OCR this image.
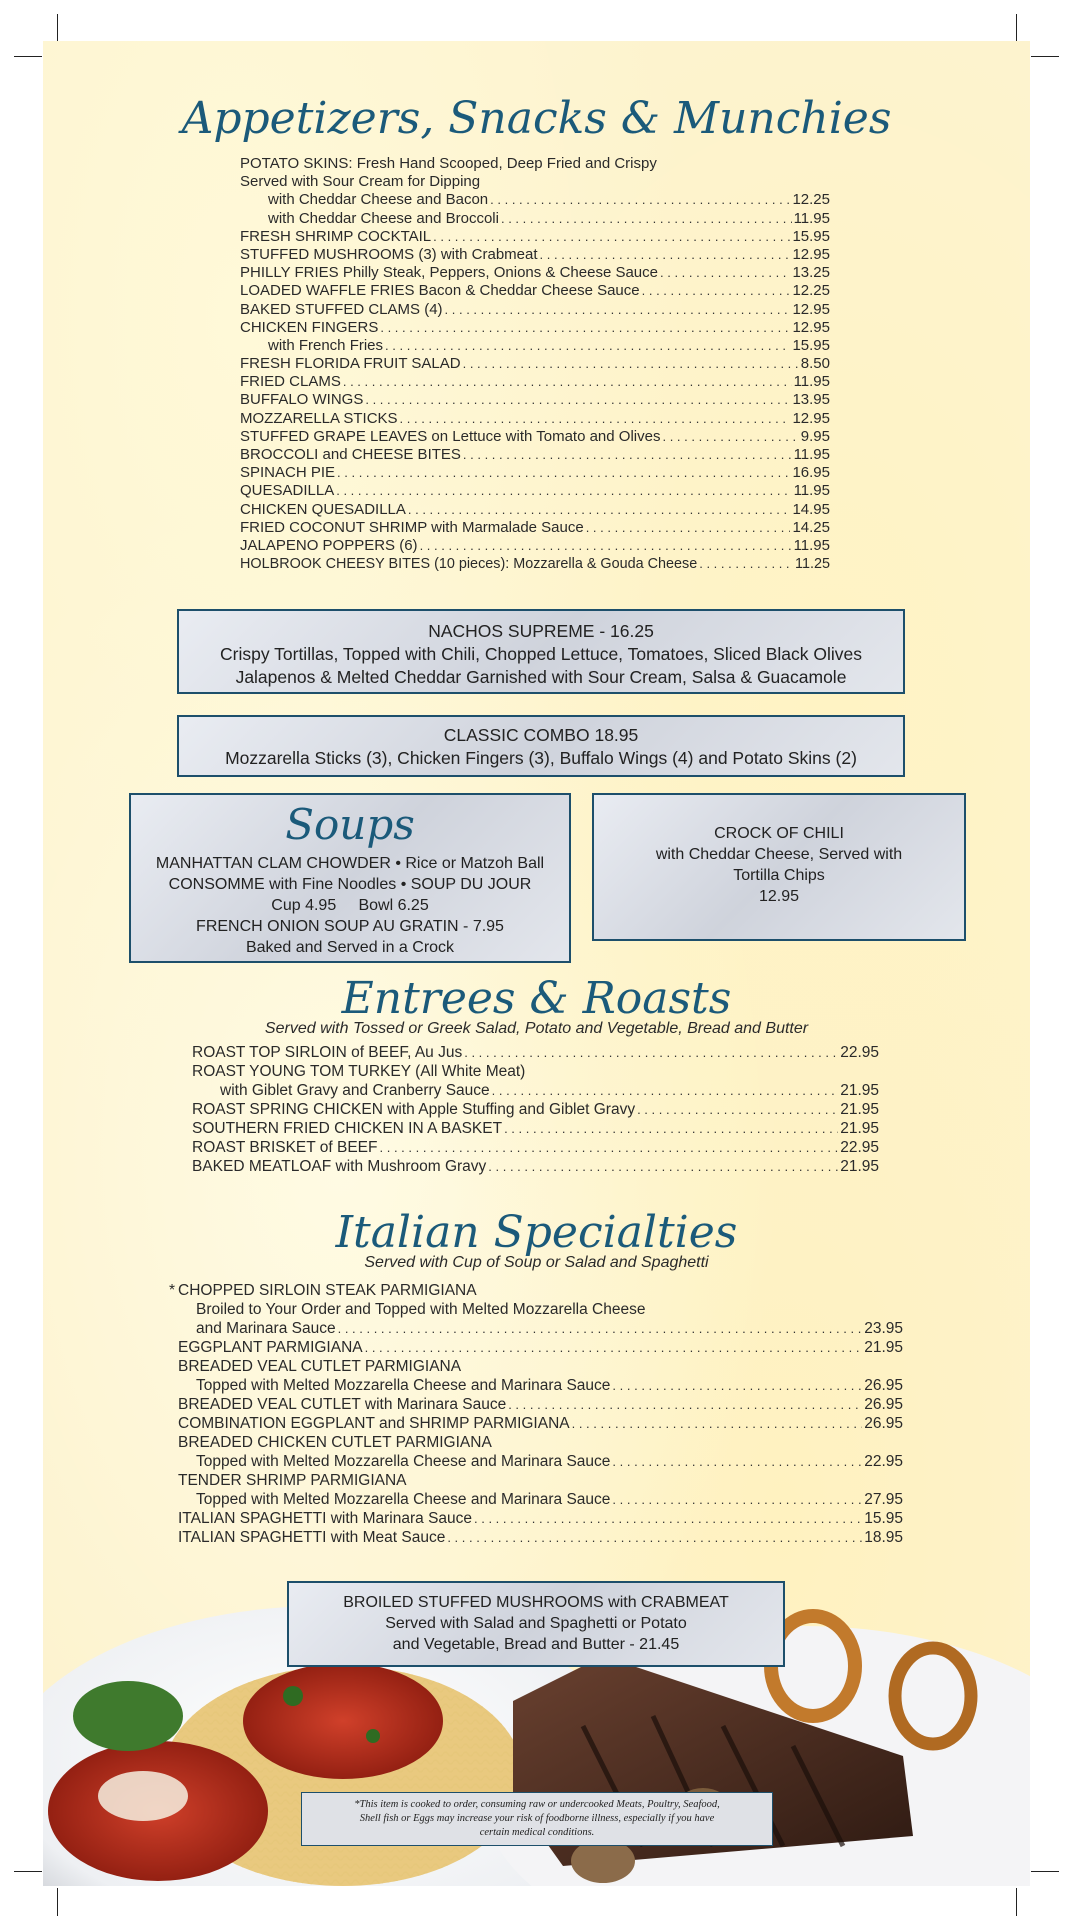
Appetizers, Snacks & Munchies
POTATO SKINS: Fresh Hand Scooped, Deep Fried and Crispy
Served with Sour Cream for Dipping
with Cheddar Cheese and Bacon . . .	12.25
with Cheddar Cheese and Broccoli . . .	11.95
FRESH SHRIMP COCKTAIL . . .	15.95
STUFFED MUSHROOMS (3) with Crabmeat . . .	12.95
PHILLY FRIES Philly Steak, Peppers, Onions & Cheese Sauce . . .	13.25
LOADED WAFFLE FRIES Bacon & Cheddar Cheese Sauce . . .	12.25
BAKED STUFFED CLAMS (4) . . .	12.95
CHICKEN FINGERS . . .	12.95
with French Fries . . .	15.95
FRESH FLORIDA FRUIT SALAD . . .	8.50
FRIED CLAMS . . .	11.95
BUFFALO WINGS . . .	13.95
MOZZARELLA STICKS . . .	12.95
STUFFED GRAPE LEAVES on Lettuce with Tomato and Olives . . .	9.95
BROCCOLI and CHEESE BITES . . .	11.95
SPINACH PIE . . .	16.95
QUESADILLA . . .	11.95
CHICKEN QUESADILLA . . .	14.95
FRIED COCONUT SHRIMP with Marmalade Sauce . . .	14.25
JALAPENO POPPERS (6) . . .	11.95
HOLBROOK CHEESY BITES (10 pieces): Mozzarella & Gouda Cheese . . .	11.25

NACHOS SUPREME - 16.25

Crispy Tortillas, Topped with Chili, Chopped Lettuce, Tomatoes, Sliced Black Olives

Jalapenos & Melted Cheddar Garnished with Sour Cream, Salsa & Guacamole

CLASSIC COMBO 18.95

Mozzarella Sticks (3), Chicken Fingers (3), Buffalo Wings (4) and Potato Skins (2)

Soups

MANHATTAN CLAM CHOWDER • Rice or Matzoh Ball

CONSOMME with Fine Noodles • SOUP DU JOUR

Cup 4.95     Bowl 6.25

FRENCH ONION SOUP AU GRATIN - 7.95

Baked and Served in a Crock

CROCK OF CHILI

with Cheddar Cheese, Served with

Tortilla Chips

12.95

Entrees & Roasts

Served with Tossed or Greek Salad, Potato and Vegetable, Bread and Butter

ROAST TOP SIRLOIN of BEEF, Au Jus . . .	22.95
ROAST YOUNG TOM TURKEY (All White Meat)
with Giblet Gravy and Cranberry Sauce . . .	21.95
ROAST SPRING CHICKEN with Apple Stuffing and Giblet Gravy . . .	21.95
SOUTHERN FRIED CHICKEN IN A BASKET . . .	21.95
ROAST BRISKET of BEEF . . .	22.95
BAKED MEATLOAF with Mushroom Gravy . . .	21.95
Italian Specialties

Served with Cup of Soup or Salad and Spaghetti

* CHOPPED SIRLOIN STEAK PARMIGIANA
Broiled to Your Order and Topped with Melted Mozzarella Cheese
and Marinara Sauce . . .	23.95
EGGPLANT PARMIGIANA . . .	21.95
BREADED VEAL CUTLET PARMIGIANA
Topped with Melted Mozzarella Cheese and Marinara Sauce . . .	26.95
BREADED VEAL CUTLET with Marinara Sauce . . .	26.95
COMBINATION EGGPLANT and SHRIMP PARMIGIANA . . .	26.95
BREADED CHICKEN CUTLET PARMIGIANA
Topped with Melted Mozzarella Cheese and Marinara Sauce . . .	22.95
TENDER SHRIMP PARMIGIANA
Topped with Melted Mozzarella Cheese and Marinara Sauce . . .	27.95
ITALIAN SPAGHETTI with Marinara Sauce . . .	15.95
ITALIAN SPAGHETTI with Meat Sauce . . .	18.95

BROILED STUFFED MUSHROOMS with CRABMEAT

Served with Salad and Spaghetti or Potato

and Vegetable, Bread and Butter - 21.45

*This item is cooked to order, consuming raw or undercooked Meats, Poultry, Seafood,

Shell fish or Eggs may increase your risk of foodborne illness, especially if you have

certain medical conditions.
